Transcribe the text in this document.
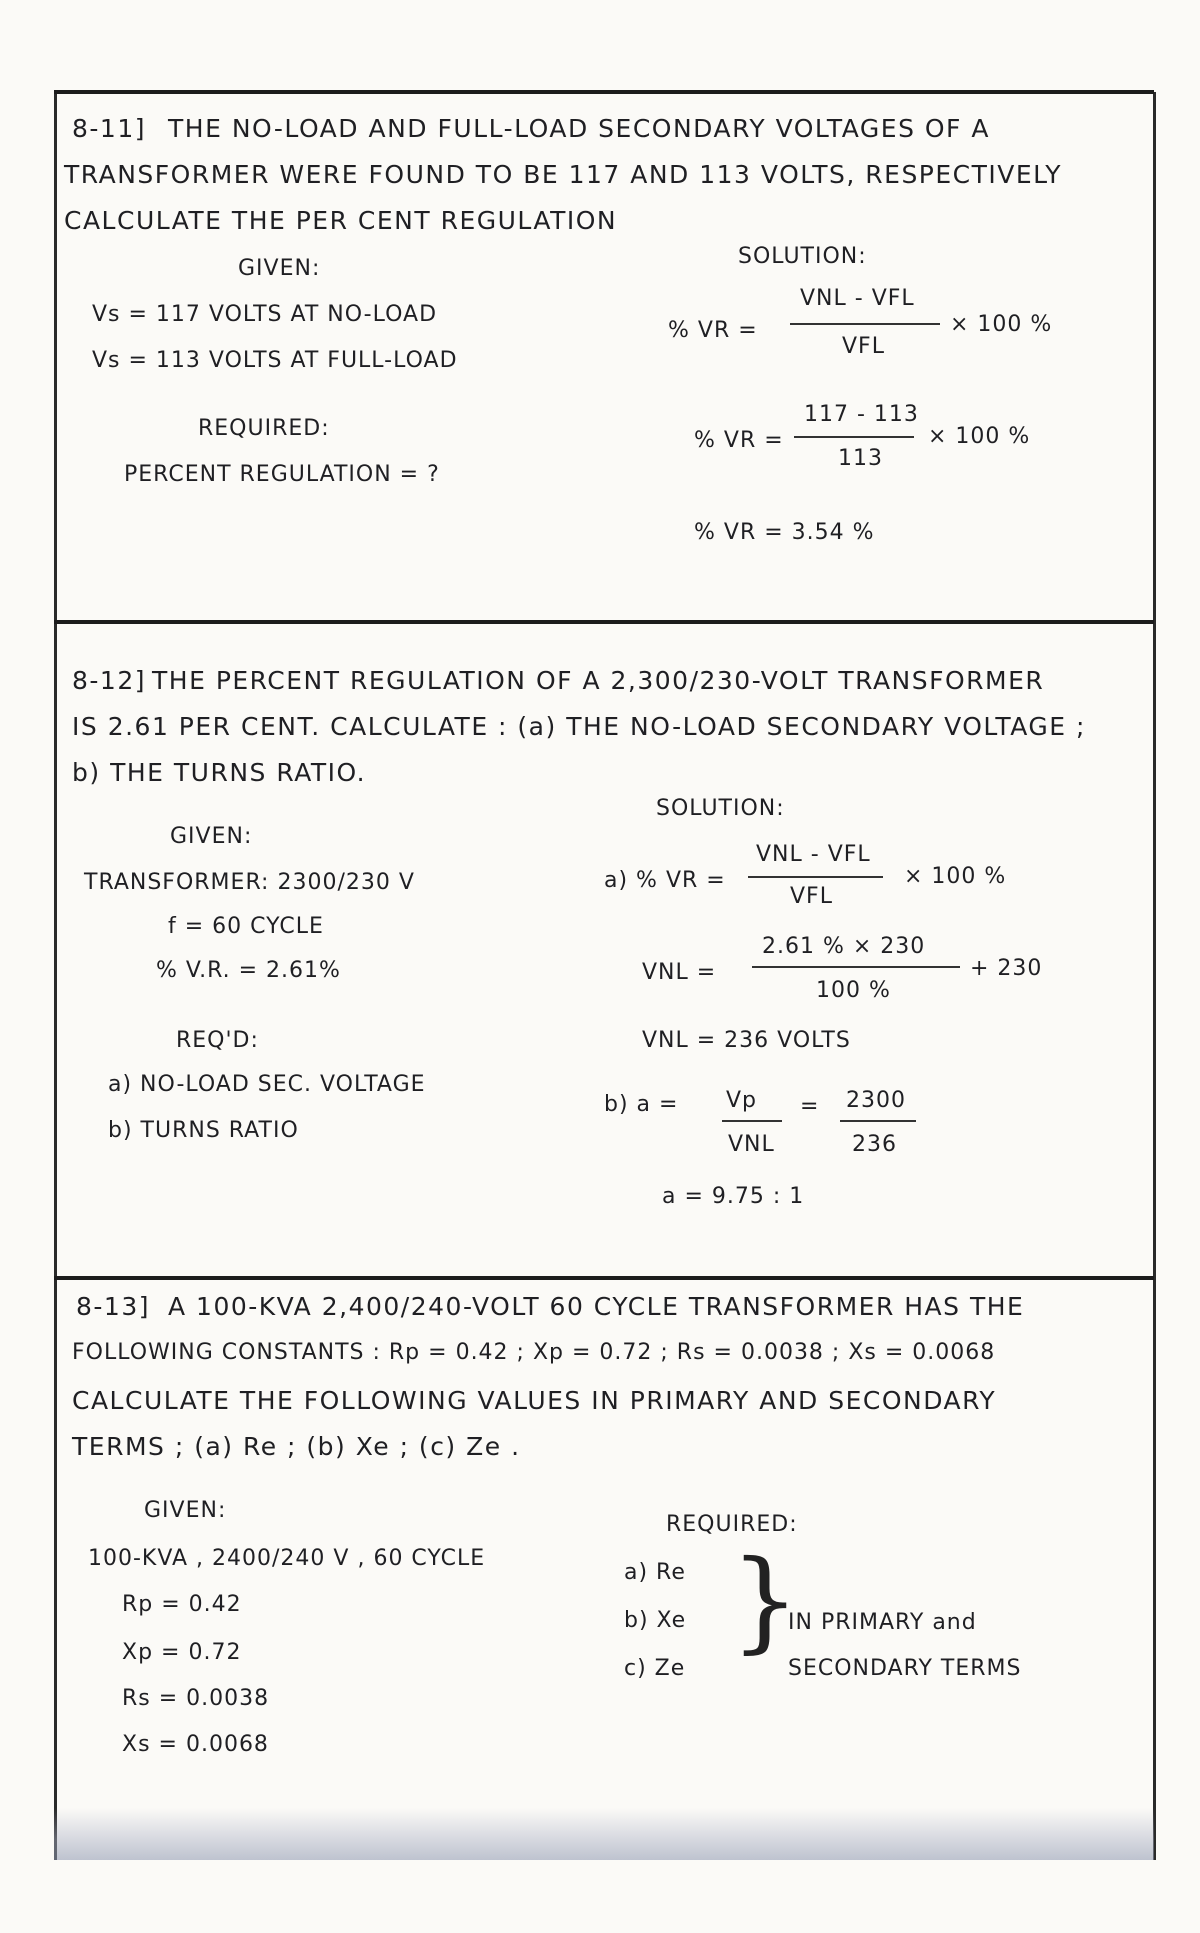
8-11] THE NO-LOAD AND FULL-LOAD SECONDARY VOLTAGES OF A
TRANSFORMER WERE FOUND TO BE 117 AND 113 VOLTS, RESPECTIVELY
CALCULATE THE PER CENT REGULATION
GIVEN:
Vs = 117 VOLTS AT NO-LOAD
Vs = 113 VOLTS AT FULL-LOAD
REQUIRED:
PERCENT REGULATION = ?
SOLUTION:
% VR =
VNL - VFL
VFL
× 100 %
% VR =
117 - 113
113
× 100 %
% VR = 3.54 %
8-12] THE PERCENT REGULATION OF A 2,300/230-VOLT TRANSFORMER
IS 2.61 PER CENT. CALCULATE : (a) THE NO-LOAD SECONDARY VOLTAGE ;
b) THE TURNS RATIO.
GIVEN:
TRANSFORMER: 2300/230 V
f = 60 CYCLE
% V.R. = 2.61%
REQ'D:
a) NO-LOAD SEC. VOLTAGE
b) TURNS RATIO
SOLUTION:
a) % VR =
VNL - VFL
VFL
× 100 %
VNL =
2.61 % × 230
100 %
+ 230
VNL = 236 VOLTS
b) a = Vp
VNL
= 2300
236
a = 9.75 : 1
8-13] A 100-KVA 2,400/240-VOLT 60 CYCLE TRANSFORMER HAS THE
FOLLOWING CONSTANTS : Rp = 0.42 ; Xp = 0.72 ; Rs = 0.0038 ; Xs = 0.0068
CALCULATE THE FOLLOWING VALUES IN PRIMARY AND SECONDARY
TERMS ; (a) Re ; (b) Xe ; (c) Ze .
GIVEN:
100-KVA , 2400/240 V , 60 CYCLE
Rp = 0.42
Xp = 0.72
Rs = 0.0038
Xs = 0.0068
REQUIRED:
a) Re
b) Xe
c) Ze
}
IN PRIMARY and
SECONDARY TERMS
